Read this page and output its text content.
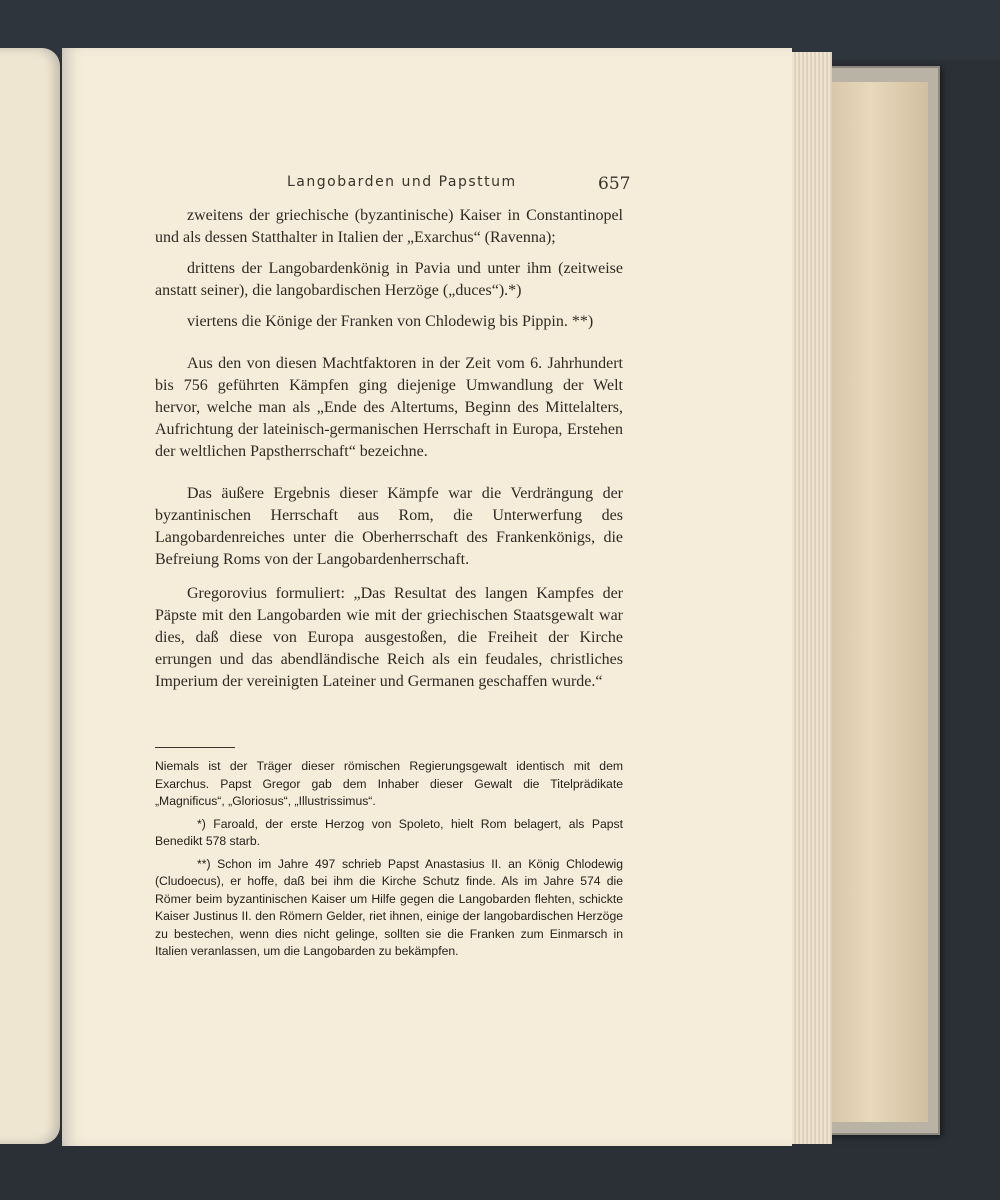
Langobarden und Papsttum	657

zweitens der griechische (byzantinische) Kaiser in Constantinopel und als dessen Statthalter in Italien der „Exarchus“ (Ravenna);

drittens der Langobardenkönig in Pavia und unter ihm (zeitweise anstatt seiner), die langobardischen Herzöge („duces“).*)

viertens die Könige der Franken von Chlodewig bis Pippin. **)

Aus den von diesen Machtfaktoren in der Zeit vom 6. Jahrhundert bis 756 geführten Kämpfen ging diejenige Umwandlung der Welt hervor, welche man als „Ende des Altertums, Beginn des Mittelalters, Aufrichtung der lateinisch-germanischen Herrschaft in Europa, Erstehen der weltlichen Papstherrschaft“ bezeichne.

Das äußere Ergebnis dieser Kämpfe war die Verdrängung der byzantinischen Herrschaft aus Rom, die Unterwerfung des Langobardenreiches unter die Oberherrschaft des Frankenkönigs, die Befreiung Roms von der Langobardenherrschaft.

Gregorovius formuliert: „Das Resultat des langen Kampfes der Päpste mit den Langobarden wie mit der griechischen Staatsgewalt war dies, daß diese von Europa ausgestoßen, die Freiheit der Kirche errungen und das abendländische Reich als ein feudales, christliches Imperium der vereinigten Lateiner und Germanen geschaffen wurde.“

Niemals ist der Träger dieser römischen Regierungsgewalt identisch mit dem Exarchus. Papst Gregor gab dem Inhaber dieser Gewalt die Titelprädikate „Magnificus“, „Gloriosus“, „Illustrissimus“.

*) Faroald, der erste Herzog von Spoleto, hielt Rom belagert, als Papst Benedikt 578 starb.

**) Schon im Jahre 497 schrieb Papst Anastasius II. an König Chlodewig (Cludoecus), er hoffe, daß bei ihm die Kirche Schutz finde. Als im Jahre 574 die Römer beim byzantinischen Kaiser um Hilfe gegen die Langobarden flehten, schickte Kaiser Justinus II. den Römern Gelder, riet ihnen, einige der langobardischen Herzöge zu bestechen, wenn dies nicht gelinge, sollten sie die Franken zum Einmarsch in Italien veranlassen, um die Langobarden zu bekämpfen.
